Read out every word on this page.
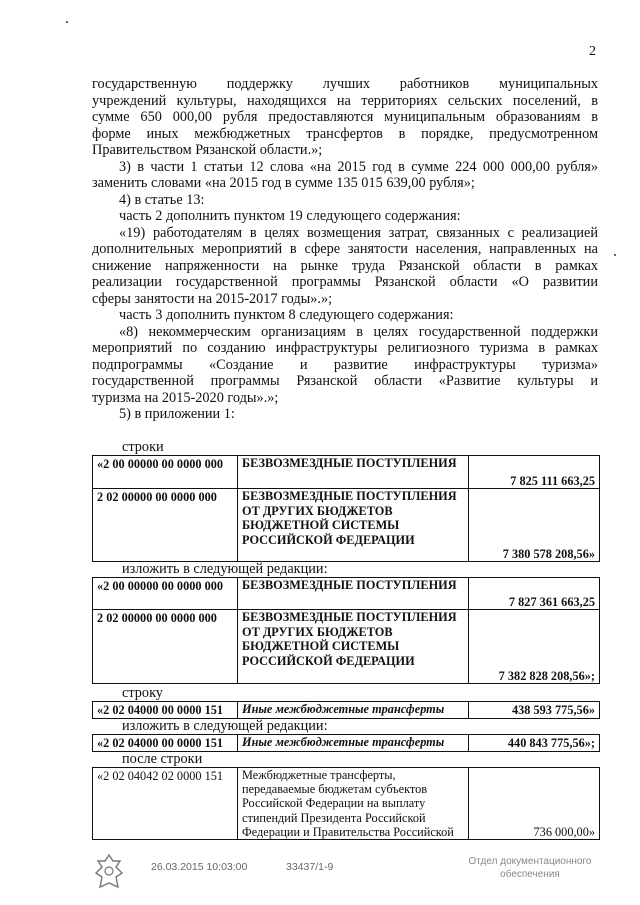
2

государственную поддержку лучших работников муниципальных

учреждений культуры, находящихся на территориях сельских поселений, в

сумме 650 000,00 рубля предоставляются муниципальным образованиям в

форме иных межбюджетных трансфертов в порядке, предусмотренном

Правительством Рязанской области.»;

3) в части 1 статьи 12 слова «на 2015 год в сумме 224 000 000,00 рубля»

заменить словами «на 2015 год в сумме 135 015 639,00 рубля»;

4) в статье 13:

часть 2 дополнить пунктом 19 следующего содержания:

«19) работодателям в целях возмещения затрат, связанных с реализацией

дополнительных мероприятий в сфере занятости населения, направленных на

снижение напряженности на рынке труда Рязанской области в рамках

реализации государственной программы Рязанской области «О развитии

сферы занятости на 2015-2017 годы».»;

часть 3 дополнить пунктом 8 следующего содержания:

«8) некоммерческим организациям в целях государственной поддержки

мероприятий по созданию инфраструктуры религиозного туризма в рамках

подпрограммы «Создание и развитие инфраструктуры туризма»

государственной программы Рязанской области «Развитие культуры и

туризма на 2015-2020 годы».»;

5) в приложении 1:

строки
«2 00 00000 00 0000 000	БЕЗВОЗМЕЗДНЫЕ ПОСТУПЛЕНИЯ	7 825 111 663,25
2 02 00000 00 0000 000	БЕЗВОЗМЕЗДНЫЕ ПОСТУПЛЕНИЯ ОТ ДРУГИХ БЮДЖЕТОВ БЮДЖЕТНОЙ СИСТЕМЫ РОССИЙСКОЙ ФЕДЕРАЦИИ	7 380 578 208,56»
изложить в следующей редакции:
«2 00 00000 00 0000 000	БЕЗВОЗМЕЗДНЫЕ ПОСТУПЛЕНИЯ	7 827 361 663,25
2 02 00000 00 0000 000	БЕЗВОЗМЕЗДНЫЕ ПОСТУПЛЕНИЯ ОТ ДРУГИХ БЮДЖЕТОВ БЮДЖЕТНОЙ СИСТЕМЫ РОССИЙСКОЙ ФЕДЕРАЦИИ	7 382 828 208,56»;
строку
«2 02 04000 00 0000 151	Иные межбюджетные трансферты	438 593 775,56»
изложить в следующей редакции:
«2 02 04000 00 0000 151	Иные межбюджетные трансферты	440 843 775,56»;
после строки
«2 02 04042 02 0000 151	Межбюджетные трансферты, передаваемые бюджетам субъектов Российской Федерации на выплату стипендий Президента Российской Федерации и Правительства Российской	736 000,00»
26.03.2015 10:03:00	33437/1-9	Отдел документационного
обеспечения
